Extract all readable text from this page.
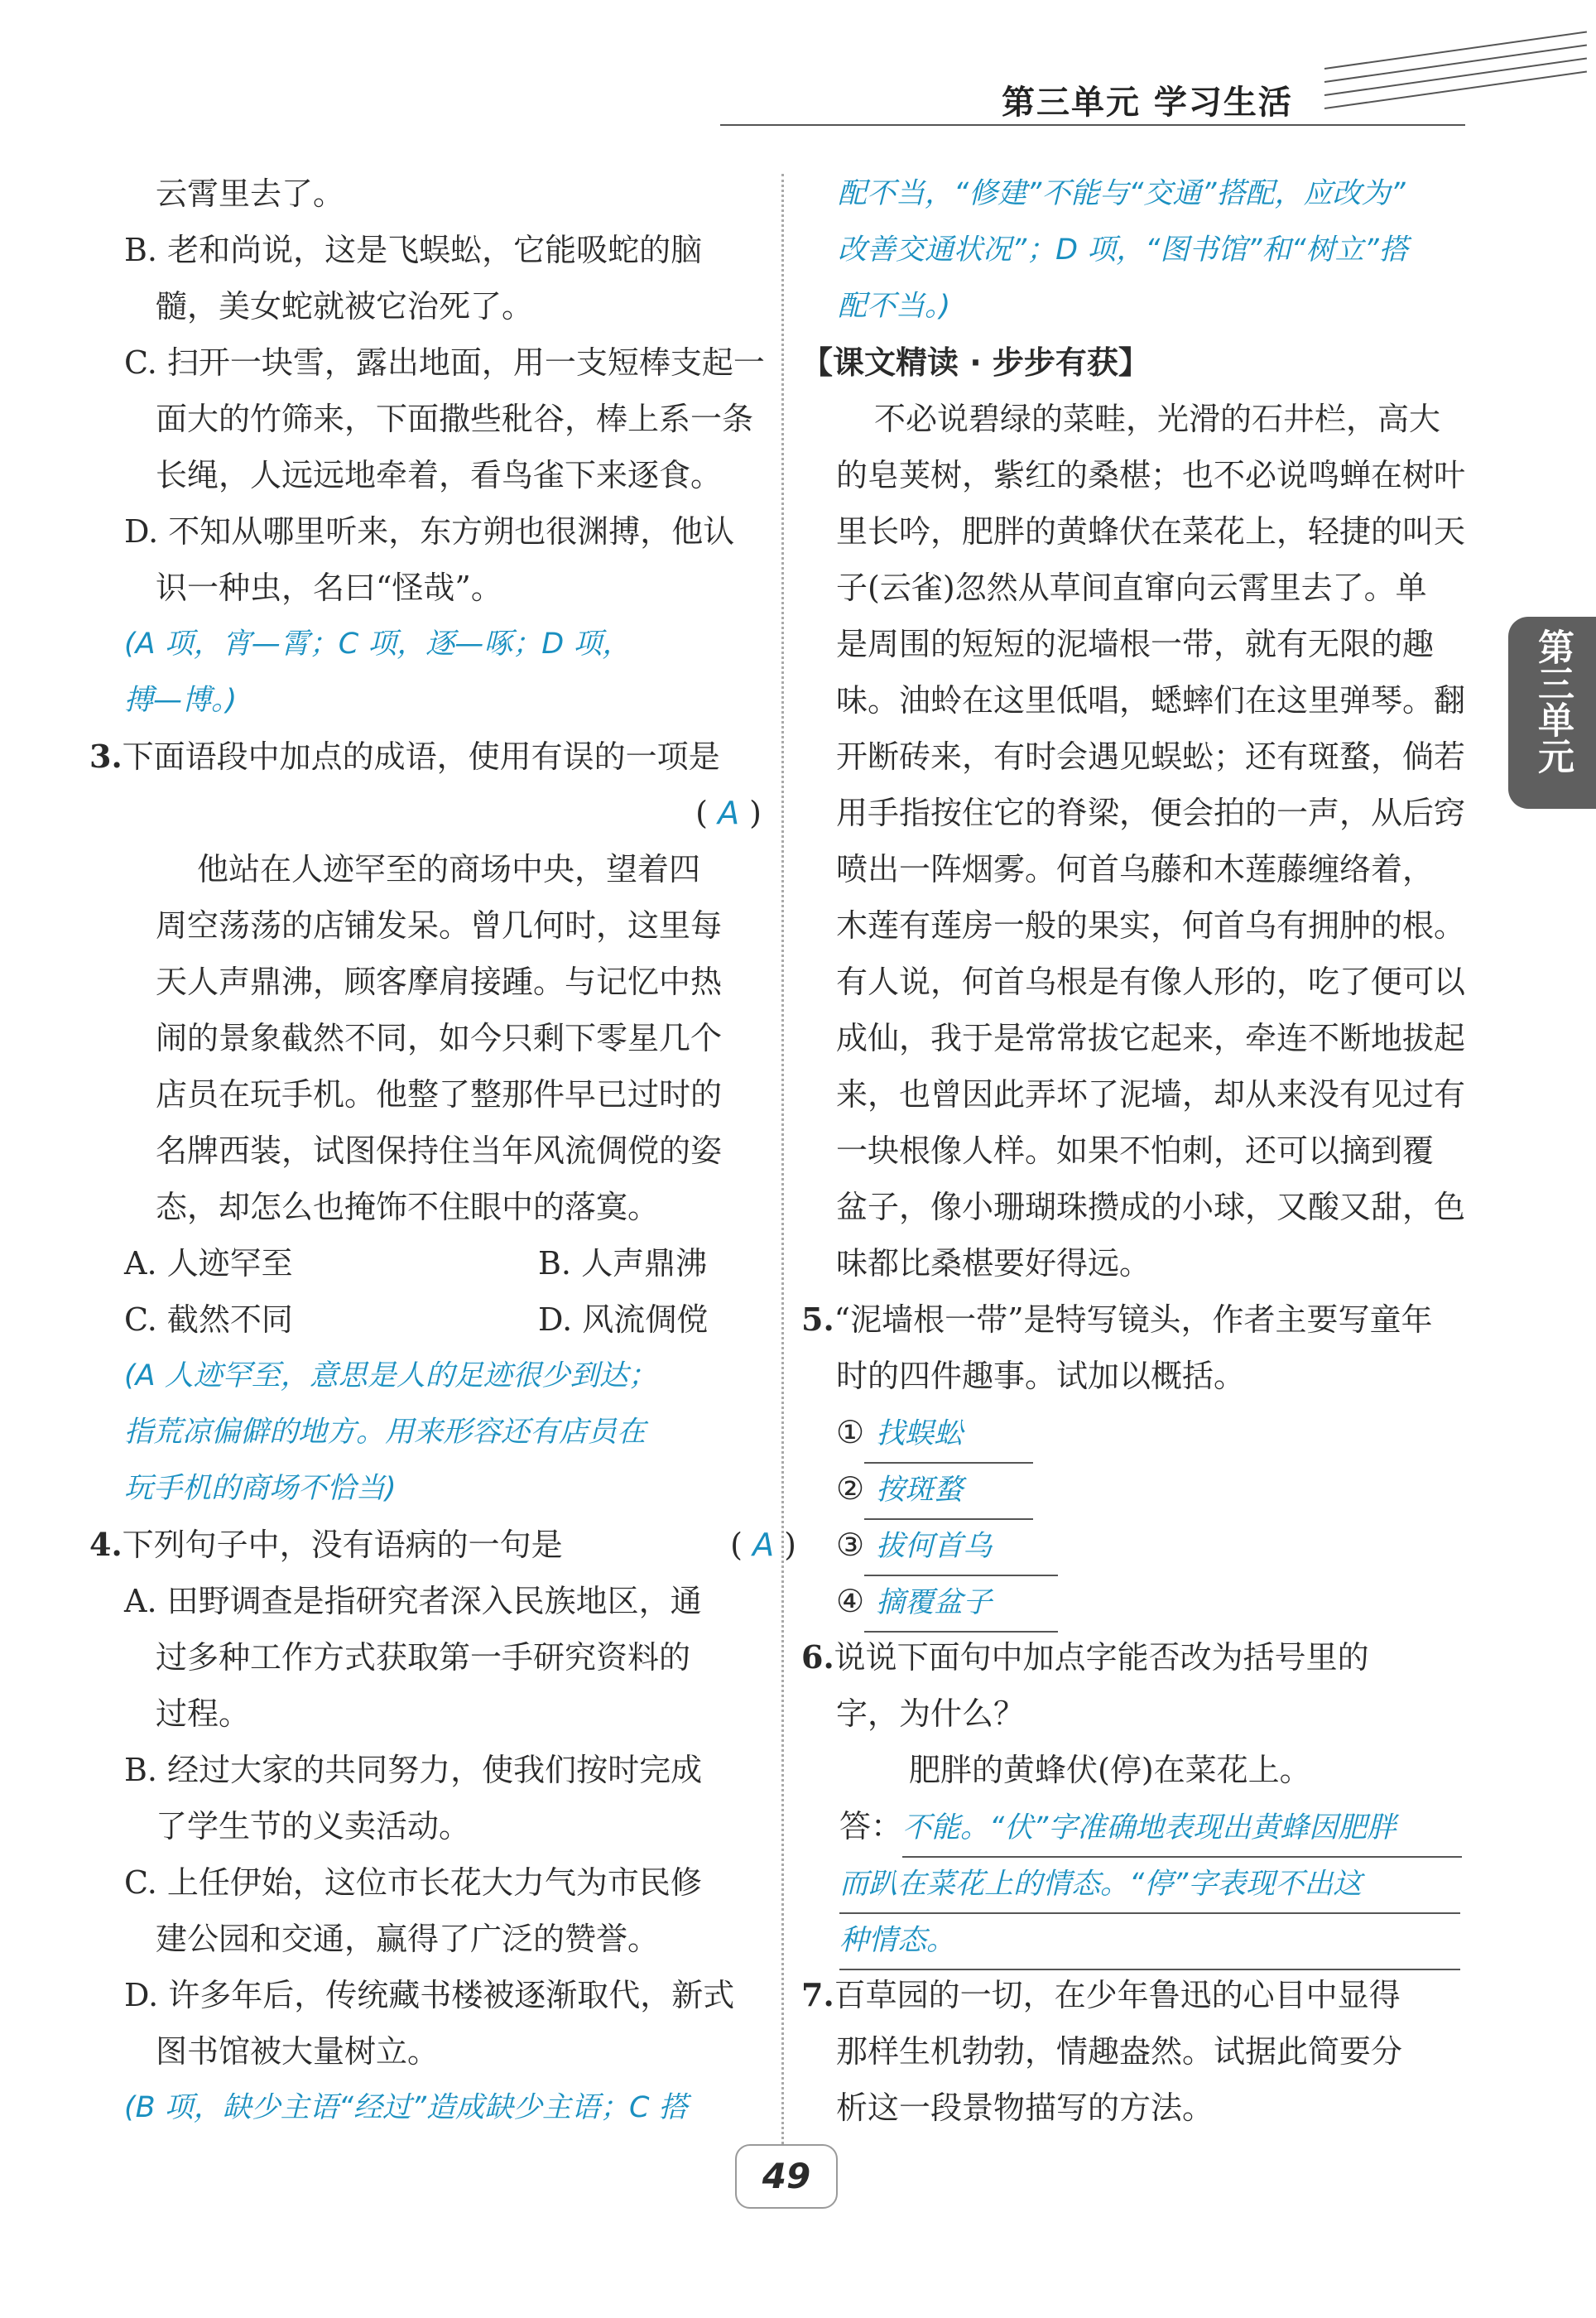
第三单元 学习生活
第三单元
云霄里去了。
B. 老和尚说，这是飞蜈蚣，它能吸蛇的脑
髓，美女蛇就被它治死了。
C. 扫开一块雪，露出地面，用一支短棒支起一
面大的竹筛来，下面撒些秕谷，棒上系一条
长绳，人远远地牵着，看鸟雀下来逐食。
D. 不知从哪里听来，东方朔也很渊搏，他认
识一种虫，名曰“怪哉”。
(A 项，宵—霄；C 项，逐—啄；D 项，
搏—博。)
3.下面语段中加点的成语，使用有误的一项是
( A )
他站在人迹罕至的商场中央，望着四
周空荡荡的店铺发呆。曾几何时，这里每
天人声鼎沸，顾客摩肩接踵。与记忆中热
闹的景象截然不同，如今只剩下零星几个
店员在玩手机。他整了整那件早已过时的
名牌西装，试图保持住当年风流倜傥的姿
态，却怎么也掩饰不住眼中的落寞。
A. 人迹罕至	B. 人声鼎沸
C. 截然不同	D. 风流倜傥
(A 人迹罕至，意思是人的足迹很少到达；
指荒凉偏僻的地方。用来形容还有店员在
玩手机的商场不恰当)
4.下列句子中，没有语病的一句是	( A )
A. 田野调查是指研究者深入民族地区，通
过多种工作方式获取第一手研究资料的
过程。
B. 经过大家的共同努力，使我们按时完成
了学生节的义卖活动。
C. 上任伊始，这位市长花大力气为市民修
建公园和交通，赢得了广泛的赞誉。
D. 许多年后，传统藏书楼被逐渐取代，新式
图书馆被大量树立。
(B 项，缺少主语“经过”造成缺少主语；C 搭
配不当，“修建”不能与“交通”搭配，应改为”
改善交通状况”；D 项，“图书馆”和“树立”搭
配不当。)
【课文精读 · 步步有获】
不必说碧绿的菜畦，光滑的石井栏，高大
的皂荚树，紫红的桑椹；也不必说鸣蝉在树叶
里长吟，肥胖的黄蜂伏在菜花上，轻捷的叫天
子(云雀)忽然从草间直窜向云霄里去了。单
是周围的短短的泥墙根一带，就有无限的趣
味。油蛉在这里低唱，蟋蟀们在这里弹琴。翻
开断砖来，有时会遇见蜈蚣；还有斑蝥，倘若
用手指按住它的脊梁，便会拍的一声，从后窍
喷出一阵烟雾。何首乌藤和木莲藤缠络着，
木莲有莲房一般的果实，何首乌有拥肿的根。
有人说，何首乌根是有像人形的，吃了便可以
成仙，我于是常常拔它起来，牵连不断地拔起
来，也曾因此弄坏了泥墙，却从来没有见过有
一块根像人样。如果不怕刺，还可以摘到覆
盆子，像小珊瑚珠攒成的小球，又酸又甜，色
味都比桑椹要好得远。
5.“泥墙根一带”是特写镜头，作者主要写童年
时的四件趣事。试加以概括。
① 找蜈蚣
② 按斑蝥
③ 拔何首乌
④ 摘覆盆子
6.说说下面句中加点字能否改为括号里的
字，为什么？
肥胖的黄蜂伏(停)在菜花上。
答：不能。“伏”字准确地表现出黄蜂因肥胖
而趴在菜花上的情态。“停”字表现不出这
种情态。
7.百草园的一切，在少年鲁迅的心目中显得
那样生机勃勃，情趣盎然。试据此简要分
析这一段景物描写的方法。
49
